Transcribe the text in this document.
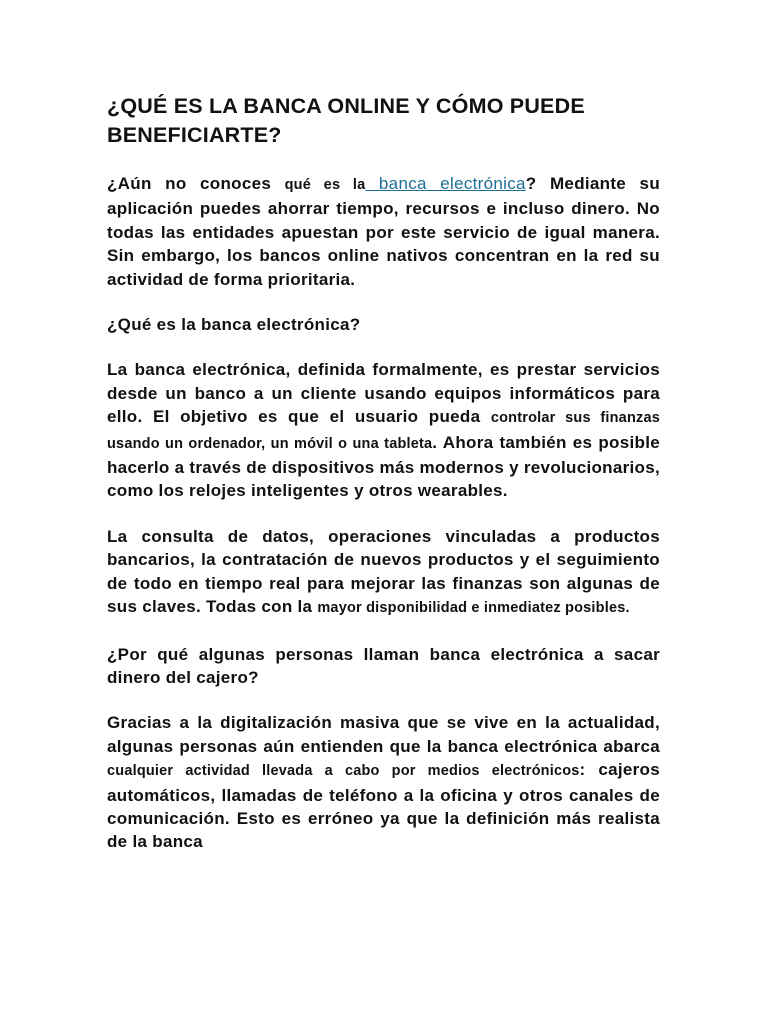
¿QUÉ ES LA BANCA ONLINE Y CÓMO PUEDE BENEFICIARTE?

¿Aún no conoces qué es la banca electrónica? Mediante su aplicación puedes ahorrar tiempo, recursos e incluso dinero. No todas las entidades apuestan por este servicio de igual manera. Sin embargo, los bancos online nativos concentran en la red su actividad de forma prioritaria.

¿Qué es la banca electrónica?

La banca electrónica, definida formalmente, es prestar servicios desde un banco a un cliente usando equipos informáticos para ello. El objetivo es que el usuario pueda controlar sus finanzas usando un ordenador, un móvil o una tableta. Ahora también es posible hacerlo a través de dispositivos más modernos y revolucionarios, como los relojes inteligentes y otros wearables.

La consulta de datos, operaciones vinculadas a productos bancarios, la contratación de nuevos productos y el seguimiento de todo en tiempo real para mejorar las finanzas son algunas de sus claves. Todas con la mayor disponibilidad e inmediatez posibles.

¿Por qué algunas personas llaman banca electrónica a sacar dinero del cajero?

Gracias a la digitalización masiva que se vive en la actualidad, algunas personas aún entienden que la banca electrónica abarca cualquier actividad llevada a cabo por medios electrónicos: cajeros automáticos, llamadas de teléfono a la oficina y otros canales de comunicación. Esto es erróneo ya que la definición más realista de la banca
